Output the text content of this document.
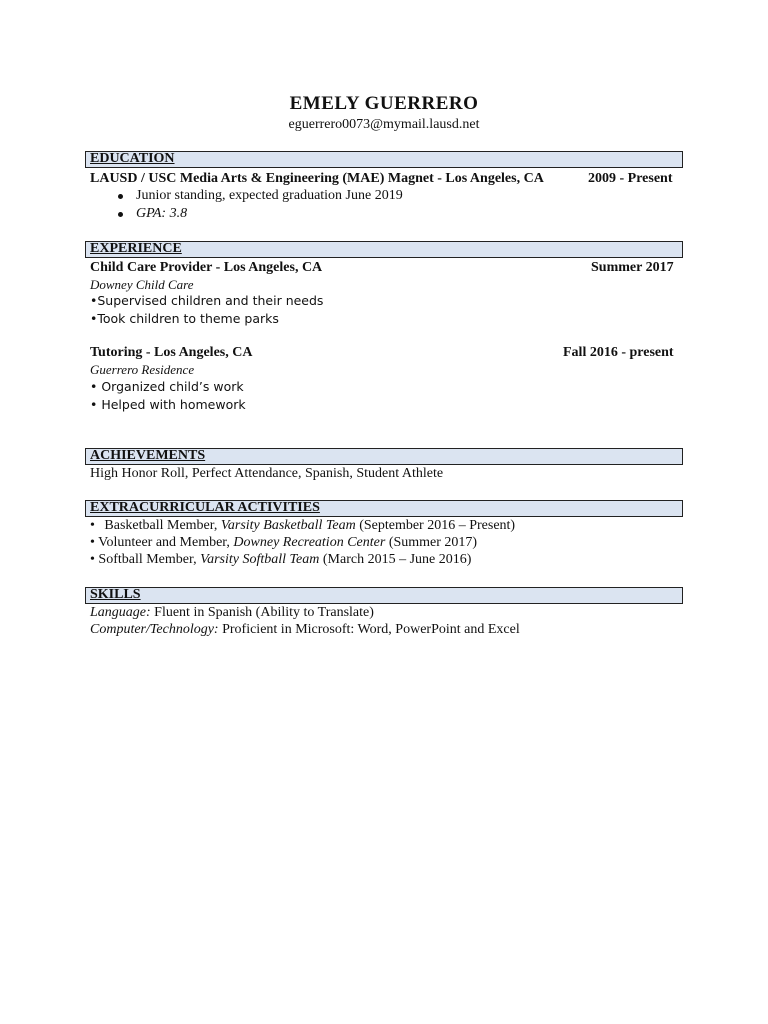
EMELY GUERRERO
eguerrero0073@mymail.lausd.net
EDUCATION
LAUSD / USC Media Arts & Engineering (MAE) Magnet - Los Angeles, CA	2009 - Present
Junior standing, expected graduation June 2019
GPA: 3.8
EXPERIENCE
Child Care Provider - Los Angeles, CA	Summer 2017
Downey Child Care
•Supervised children and their needs
•Took children to theme parks
Tutoring - Los Angeles, CA	Fall 2016 - present
Guerrero Residence
• Organized child’s work
• Helped with homework
ACHIEVEMENTS
High Honor Roll, Perfect Attendance, Spanish, Student Athlete
EXTRACURRICULAR ACTIVITIES
• Basketball Member, Varsity Basketball Team (September 2016 – Present)
• Volunteer and Member, Downey Recreation Center (Summer 2017)
• Softball Member, Varsity Softball Team (March 2015 – June 2016)
SKILLS
Language: Fluent in Spanish (Ability to Translate)
Computer/Technology: Proficient in Microsoft: Word, PowerPoint and Excel
